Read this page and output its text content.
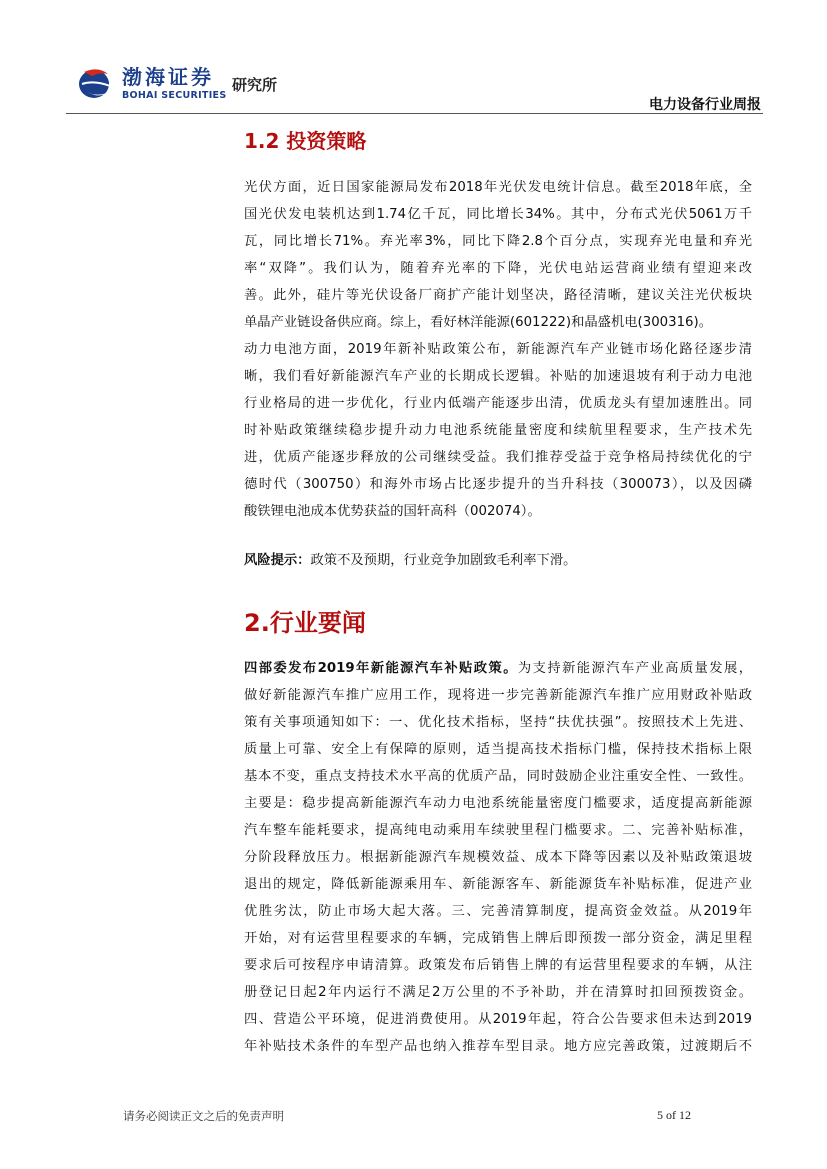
渤海证券
BOHAI SECURITIES
研究所
电力设备行业周报
1.2 投资策略
光伏方面，近日国家能源局发布2018年光伏发电统计信息。截至2018年底，全
国光伏发电装机达到1.74亿千瓦，同比增长34%。其中，分布式光伏5061万千
瓦，同比增长71%。弃光率3%，同比下降2.8个百分点，实现弃光电量和弃光
率“双降”。我们认为，随着弃光率的下降，光伏电站运营商业绩有望迎来改
善。此外，硅片等光伏设备厂商扩产能计划坚决，路径清晰，建议关注光伏板块
单晶产业链设备供应商。综上，看好林洋能源(601222)和晶盛机电(300316)。
动力电池方面，2019年新补贴政策公布，新能源汽车产业链市场化路径逐步清
晰，我们看好新能源汽车产业的长期成长逻辑。补贴的加速退坡有利于动力电池
行业格局的进一步优化，行业内低端产能逐步出清，优质龙头有望加速胜出。同
时补贴政策继续稳步提升动力电池系统能量密度和续航里程要求，生产技术先
进，优质产能逐步释放的公司继续受益。我们推荐受益于竞争格局持续优化的宁
德时代（300750）和海外市场占比逐步提升的当升科技（300073），以及因磷
酸铁锂电池成本优势获益的国轩高科（002074）。
风险提示：政策不及预期，行业竞争加剧致毛利率下滑。
2.行业要闻
四部委发布2019年新能源汽车补贴政策。为支持新能源汽车产业高质量发展，
做好新能源汽车推广应用工作，现将进一步完善新能源汽车推广应用财政补贴政
策有关事项通知如下：一、优化技术指标，坚持“扶优扶强”。按照技术上先进、
质量上可靠、安全上有保障的原则，适当提高技术指标门槛，保持技术指标上限
基本不变，重点支持技术水平高的优质产品，同时鼓励企业注重安全性、一致性。
主要是：稳步提高新能源汽车动力电池系统能量密度门槛要求，适度提高新能源
汽车整车能耗要求，提高纯电动乘用车续驶里程门槛要求。二、完善补贴标准，
分阶段释放压力。根据新能源汽车规模效益、成本下降等因素以及补贴政策退坡
退出的规定，降低新能源乘用车、新能源客车、新能源货车补贴标准，促进产业
优胜劣汰，防止市场大起大落。三、完善清算制度，提高资金效益。从2019年
开始，对有运营里程要求的车辆，完成销售上牌后即预拨一部分资金，满足里程
要求后可按程序申请清算。政策发布后销售上牌的有运营里程要求的车辆，从注
册登记日起2年内运行不满足2万公里的不予补助，并在清算时扣回预拨资金。
四、营造公平环境，促进消费使用。从2019年起，符合公告要求但未达到2019
年补贴技术条件的车型产品也纳入推荐车型目录。地方应完善政策，过渡期后不
请务必阅读正文之后的免责声明	5 of 12
